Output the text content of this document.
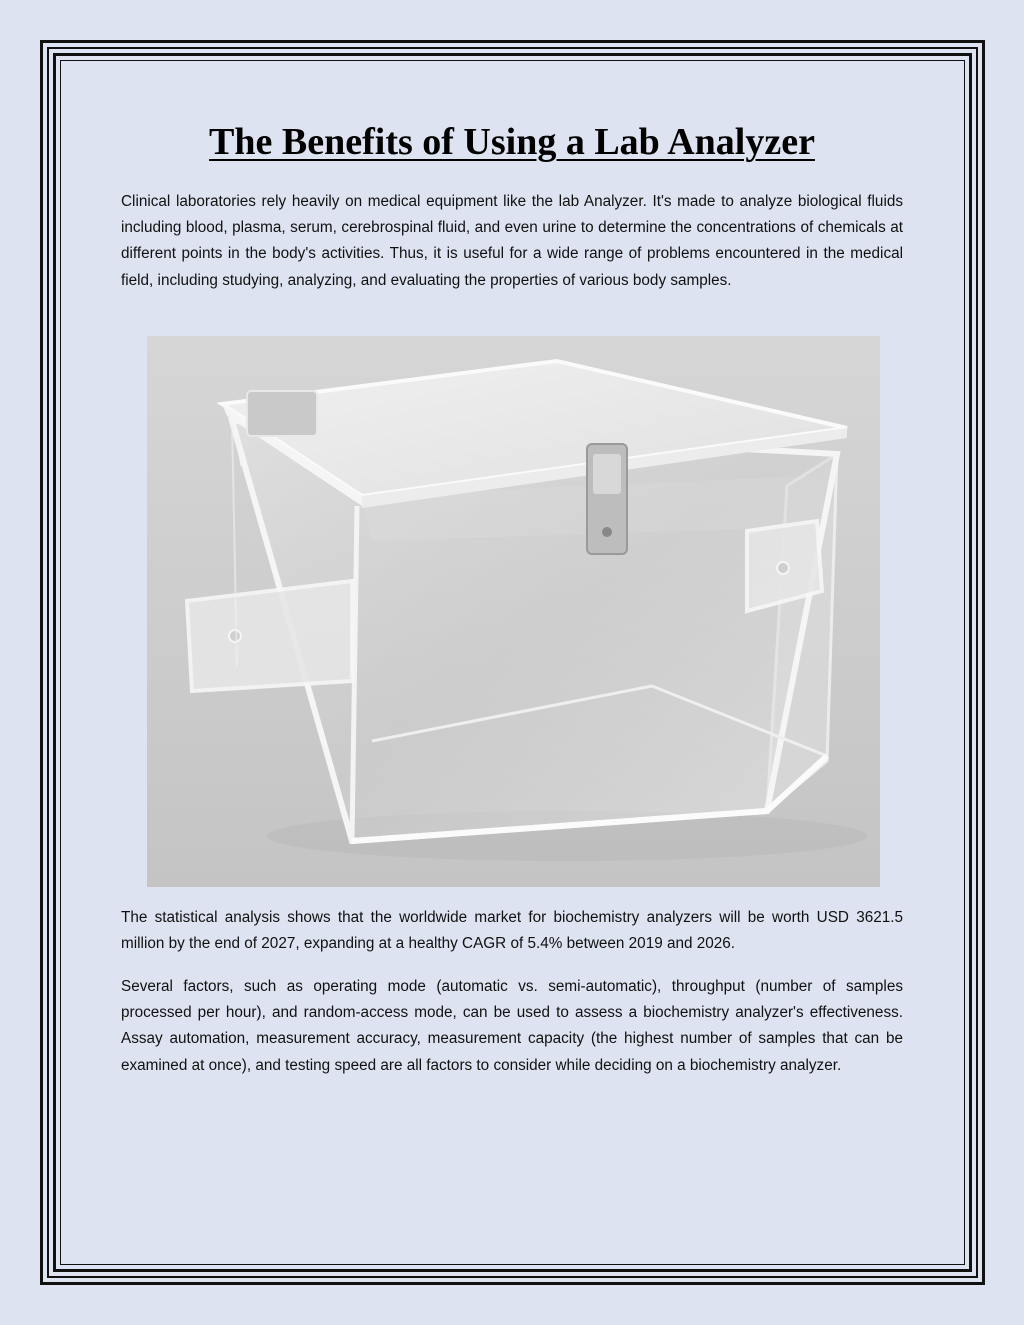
The Benefits of Using a Lab Analyzer

Clinical laboratories rely heavily on medical equipment like the lab Analyzer. It's made to analyze biological fluids including blood, plasma, serum, cerebrospinal fluid, and even urine to determine the concentrations of chemicals at different points in the body's activities. Thus, it is useful for a wide range of problems encountered in the medical field, including studying, analyzing, and evaluating the properties of various body samples.

The statistical analysis shows that the worldwide market for biochemistry analyzers will be worth USD 3621.5 million by the end of 2027, expanding at a healthy CAGR of 5.4% between 2019 and 2026.

Several factors, such as operating mode (automatic vs. semi-automatic), throughput (number of samples processed per hour), and random-access mode, can be used to assess a biochemistry analyzer's effectiveness. Assay automation, measurement accuracy, measurement capacity (the highest number of samples that can be examined at once), and testing speed are all factors to consider while deciding on a biochemistry analyzer.
